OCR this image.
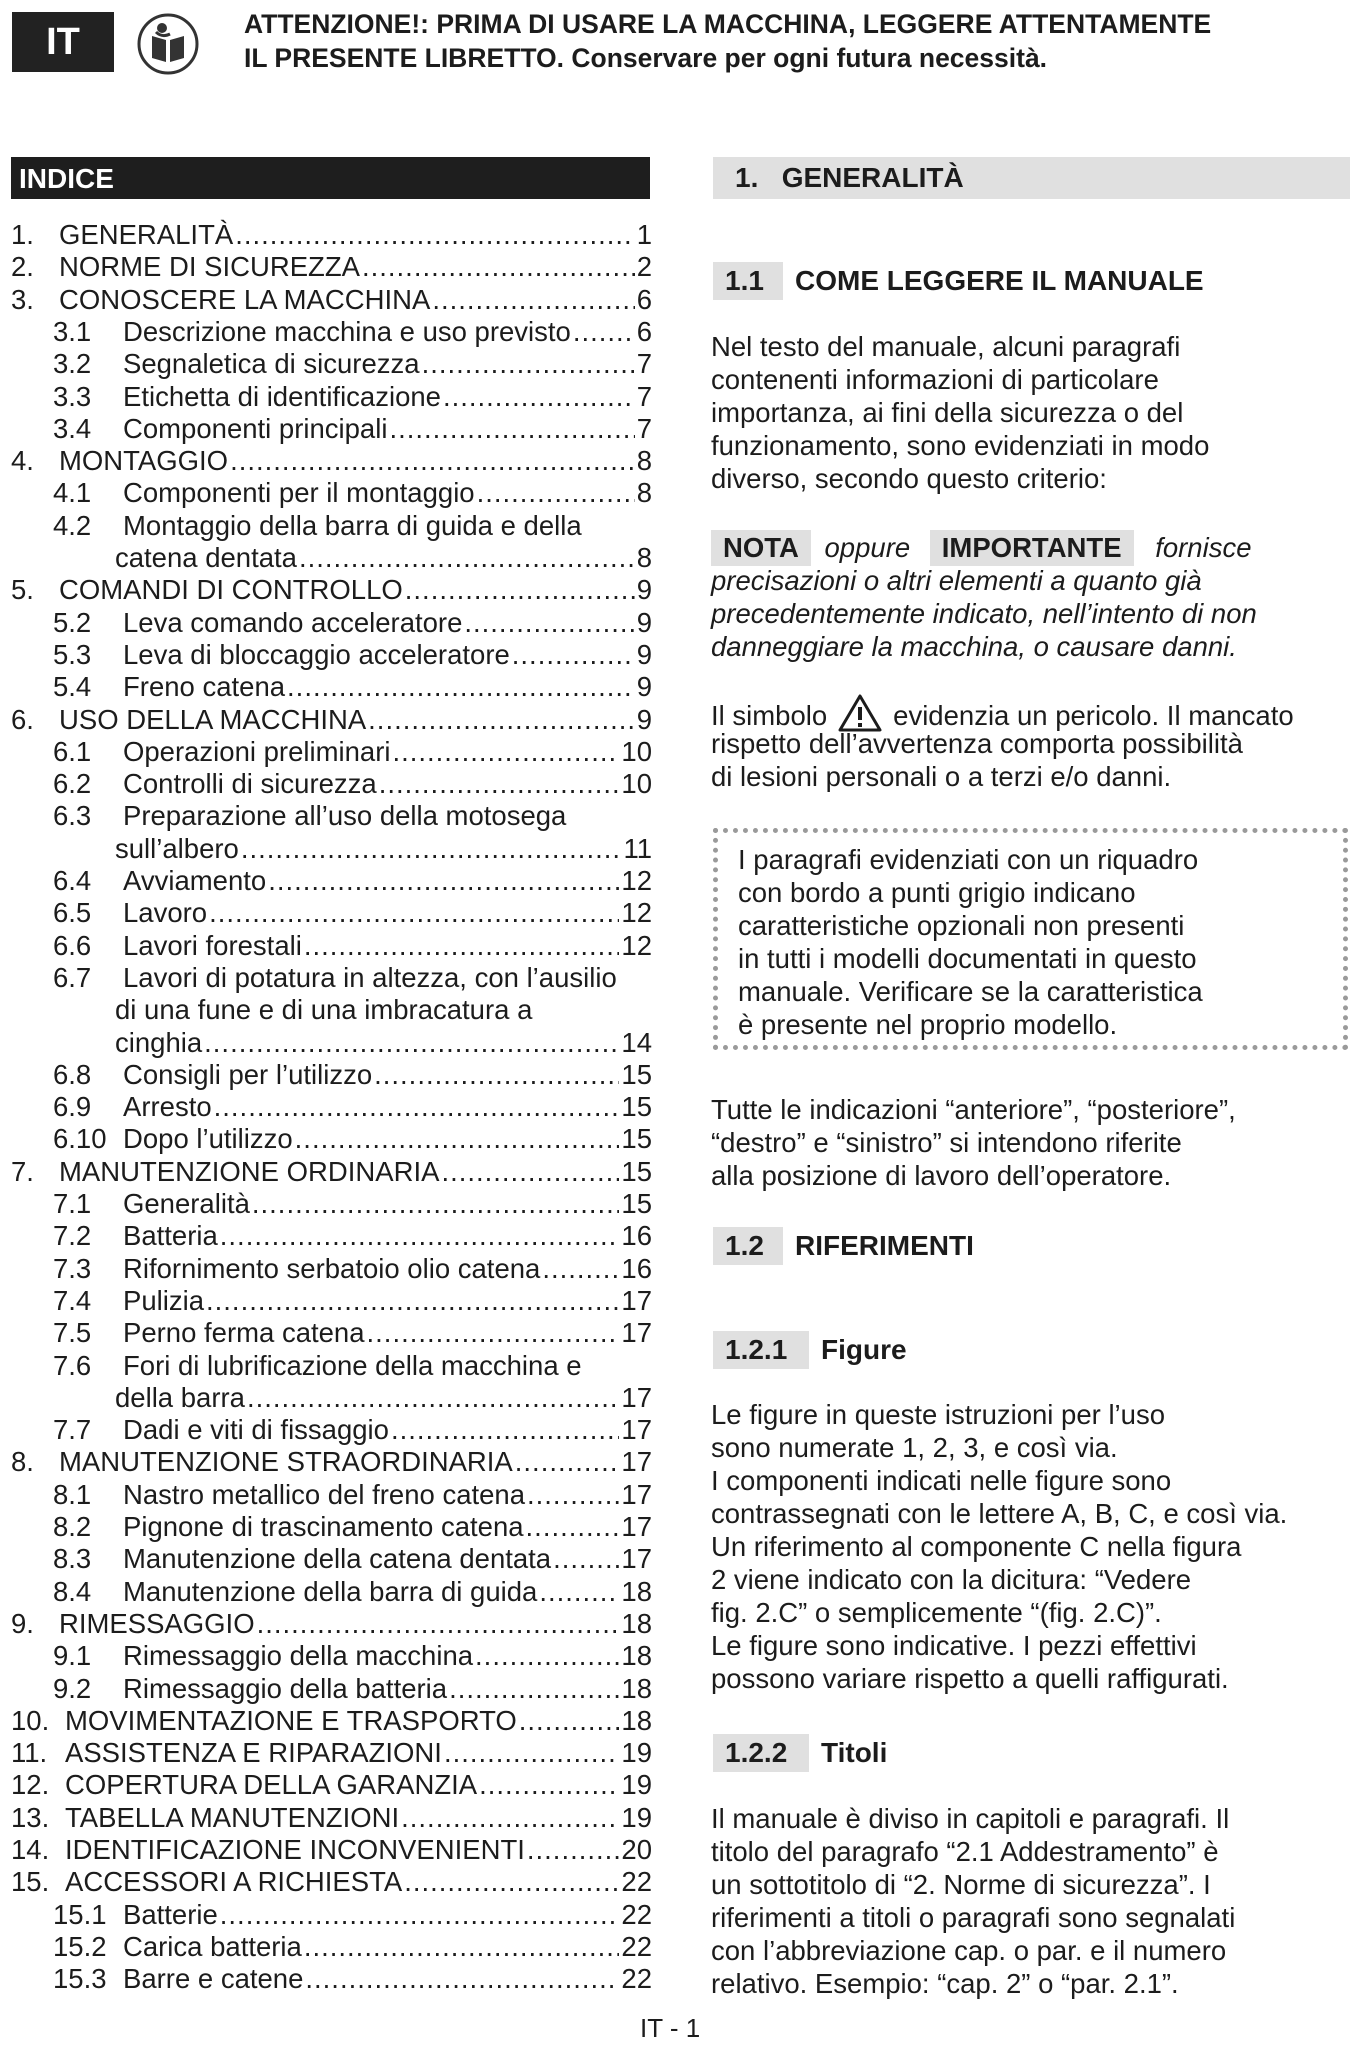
IT	ATTENZIONE!: PRIMA DI USARE LA MACCHINA, LEGGERE ATTENTAMENTE
IL PRESENTE LIBRETTO. Conservare per ogni futura necessità.
INDICE
1. GENERALITÀ .....	1
2. NORME DI SICUREZZA .....	2
3. CONOSCERE LA MACCHINA .....	6
3.1	Descrizione macchina e uso previsto ..... 6
3.2	Segnaletica di sicurezza .....	7
3.3	Etichetta di identificazione .....	7
3.4	Componenti principali .....	7
4. MONTAGGIO .....	8
4.1	Componenti per il montaggio .....	8
4.2	Montaggio della barra di guida e della
catena dentata .....	8
5. COMANDI DI CONTROLLO .....	9
5.2	Leva comando acceleratore .....	9
5.3	Leva di bloccaggio acceleratore .....	9
5.4	Freno catena .....	9
6. USO DELLA MACCHINA .....	9
6.1	Operazioni preliminari .....	10
6.2	Controlli di sicurezza .....	10
6.3	Preparazione all’uso della motosega
sull’albero .....	11
6.4	Avviamento .....	12
6.5	Lavoro .....	12
6.6	Lavori forestali .....	12
6.7	Lavori di potatura in altezza, con l’ausilio
di una fune e di una imbracatura a
cinghia .....	14
6.8	Consigli per l’utilizzo .....	15
6.9	Arresto .....	15
6.10 Dopo l’utilizzo .....	15
7. MANUTENZIONE ORDINARIA .....	15
7.1	Generalità .....	15
7.2	Batteria .....	16
7.3	Rifornimento serbatoio olio catena .....	16
7.4	Pulizia .....	17
7.5	Perno ferma catena .....	17
7.6	Fori di lubrificazione della macchina e
della barra .....	17
7.7	Dadi e viti di fissaggio .....	17
8. MANUTENZIONE STRAORDINARIA .....	17
8.1	Nastro metallico del freno catena .....	17
8.2	Pignone di trascinamento catena .....	17
8.3	Manutenzione della catena dentata .....	17
8.4	Manutenzione della barra di guida .....	18
9. RIMESSAGGIO .....	18
9.1	Rimessaggio della macchina .....	18
9.2	Rimessaggio della batteria .....	18
10. MOVIMENTAZIONE E TRASPORTO .....	18
11. ASSISTENZA E RIPARAZIONI .....	19
12. COPERTURA DELLA GARANZIA .....	19
13. TABELLA MANUTENZIONI .....	19
14. IDENTIFICAZIONE INCONVENIENTI .....	20
15. ACCESSORI A RICHIESTA .....	22
15.1 Batterie .....	22
15.2 Carica batteria .....	22
15.3 Barre e catene .....	22
1.   GENERALITÀ
1.1	COME LEGGERE IL MANUALE
Nel testo del manuale, alcuni paragrafi
contenenti informazioni di particolare
importanza, ai fini della sicurezza o del
funzionamento, sono evidenziati in modo
diverso, secondo questo criterio:
NOTA oppure IMPORTANTE fornisce
precisazioni o altri elementi a quanto già
precedentemente indicato, nell’intento di non
danneggiare la macchina, o causare danni.
Il simbolo evidenzia un pericolo. Il mancato
rispetto dell’avvertenza comporta possibilità
di lesioni personali o a terzi e/o danni.
I paragrafi evidenziati con un riquadro
con bordo a punti grigio indicano
caratteristiche opzionali non presenti
in tutti i modelli documentati in questo
manuale. Verificare se la caratteristica
è presente nel proprio modello.
Tutte le indicazioni “anteriore”, “posteriore”,
“destro” e “sinistro” si intendono riferite
alla posizione di lavoro dell’operatore.
1.2	RIFERIMENTI
1.2.1	Figure
Le figure in queste istruzioni per l’uso
sono numerate 1, 2, 3, e così via.
I componenti indicati nelle figure sono
contrassegnati con le lettere A, B, C, e così via.
Un riferimento al componente C nella figura
2 viene indicato con la dicitura: “Vedere
fig. 2.C” o semplicemente “(fig. 2.C)”.
Le figure sono indicative. I pezzi effettivi
possono variare rispetto a quelli raffigurati.
1.2.2	Titoli
Il manuale è diviso in capitoli e paragrafi. Il
titolo del paragrafo “2.1 Addestramento” è
un sottotitolo di “2. Norme di sicurezza”. I
riferimenti a titoli o paragrafi sono segnalati
con l’abbreviazione cap. o par. e il numero
relativo. Esempio: “cap. 2” o “par. 2.1”.
IT - 1
